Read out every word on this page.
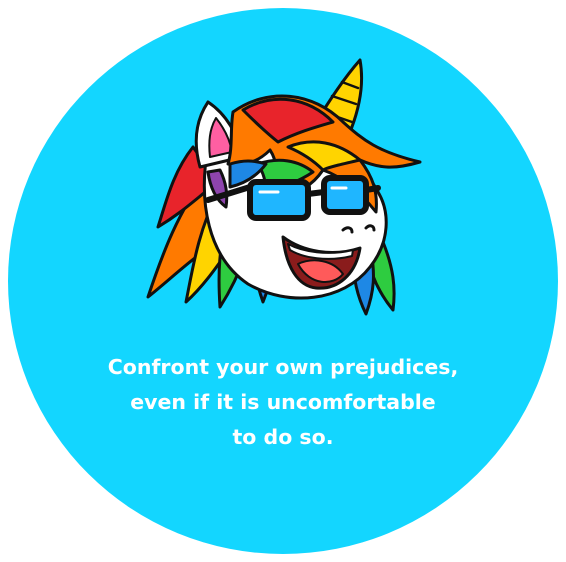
Confront your own prejudices,
even if it is uncomfortable
to do so.
